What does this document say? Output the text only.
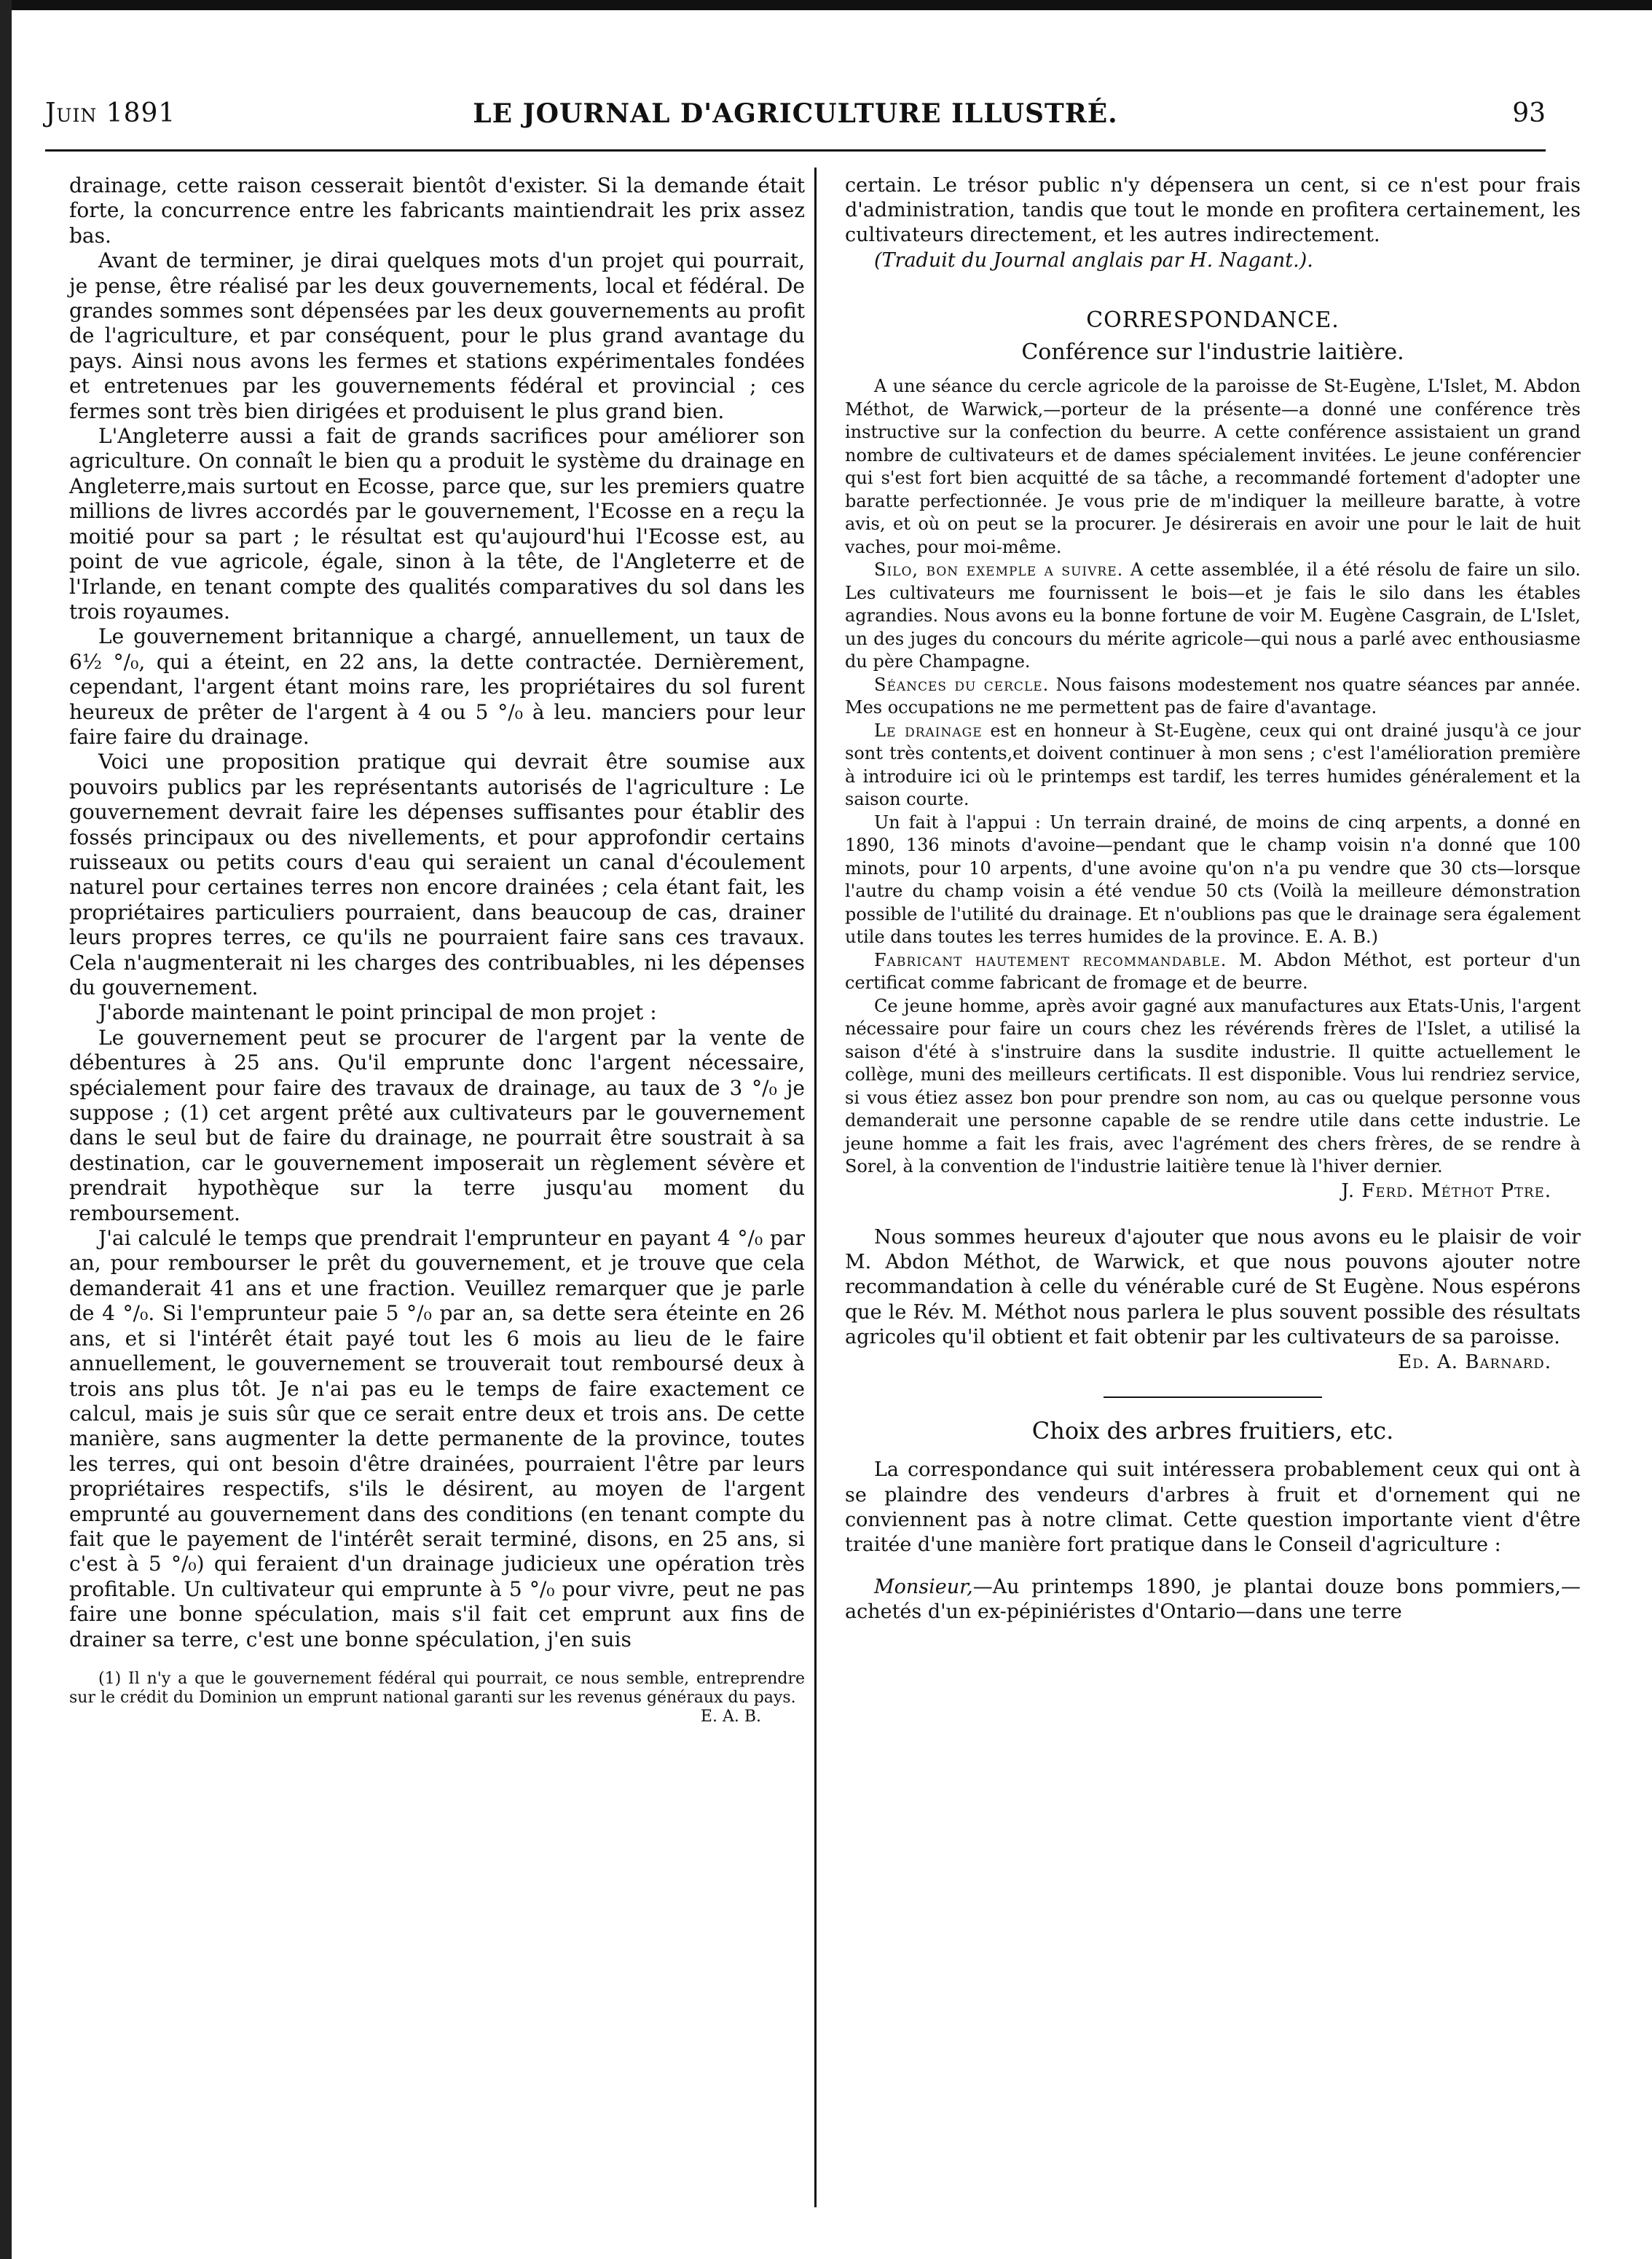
Juin 1891	LE JOURNAL D'AGRICULTURE ILLUSTRÉ.	93

drainage, cette raison cesserait bientôt d'exister. Si la demande était forte, la concurrence entre les fabricants maintiendrait les prix assez bas.

Avant de terminer, je dirai quelques mots d'un projet qui pourrait, je pense, être réalisé par les deux gouvernements, local et fédéral. De grandes sommes sont dépensées par les deux gouvernements au profit de l'agriculture, et par conséquent, pour le plus grand avantage du pays. Ainsi nous avons les fermes et stations expérimentales fondées et entretenues par les gouvernements fédéral et provincial ; ces fermes sont très bien dirigées et produisent le plus grand bien.

L'Angleterre aussi a fait de grands sacrifices pour améliorer son agriculture. On connaît le bien qu a produit le système du drainage en Angleterre,mais surtout en Ecosse, parce que, sur les premiers quatre millions de livres accordés par le gouvernement, l'Ecosse en a reçu la moitié pour sa part ; le résultat est qu'aujourd'hui l'Ecosse est, au point de vue agricole, égale, sinon à la tête, de l'Angleterre et de l'Irlande, en tenant compte des qualités comparatives du sol dans les trois royaumes.

Le gouvernement britannique a chargé, annuellement, un taux de 6½ °/₀, qui a éteint, en 22 ans, la dette contractée. Dernièrement, cependant, l'argent étant moins rare, les propriétaires du sol furent heureux de prêter de l'argent à 4 ou 5 °/₀ à leu. manciers pour leur faire faire du drainage.

Voici une proposition pratique qui devrait être soumise aux pouvoirs publics par les représentants autorisés de l'agriculture : Le gouvernement devrait faire les dépenses suffisantes pour établir des fossés principaux ou des nivellements, et pour approfondir certains ruisseaux ou petits cours d'eau qui seraient un canal d'écoulement naturel pour certaines terres non encore drainées ; cela étant fait, les propriétaires particuliers pourraient, dans beaucoup de cas, drainer leurs propres terres, ce qu'ils ne pourraient faire sans ces travaux. Cela n'augmenterait ni les charges des contribuables, ni les dépenses du gouvernement.

J'aborde maintenant le point principal de mon projet :

Le gouvernement peut se procurer de l'argent par la vente de débentures à 25 ans. Qu'il emprunte donc l'argent nécessaire, spécialement pour faire des travaux de drainage, au taux de 3 °/₀ je suppose ; (1) cet argent prêté aux cultivateurs par le gouvernement dans le seul but de faire du drainage, ne pourrait être soustrait à sa destination, car le gouvernement imposerait un règlement sévère et prendrait hypothèque sur la terre jusqu'au moment du remboursement.

J'ai calculé le temps que prendrait l'emprunteur en payant 4 °/₀ par an, pour rembourser le prêt du gouvernement, et je trouve que cela demanderait 41 ans et une fraction. Veuillez remarquer que je parle de 4 °/₀. Si l'emprunteur paie 5 °/₀ par an, sa dette sera éteinte en 26 ans, et si l'intérêt était payé tout les 6 mois au lieu de le faire annuellement, le gouvernement se trouverait tout remboursé deux à trois ans plus tôt. Je n'ai pas eu le temps de faire exactement ce calcul, mais je suis sûr que ce serait entre deux et trois ans. De cette manière, sans augmenter la dette permanente de la province, toutes les terres, qui ont besoin d'être drainées, pourraient l'être par leurs propriétaires respectifs, s'ils le désirent, au moyen de l'argent emprunté au gouvernement dans des conditions (en tenant compte du fait que le payement de l'intérêt serait terminé, disons, en 25 ans, si c'est à 5 °/₀) qui feraient d'un drainage judicieux une opération très profitable. Un cultivateur qui emprunte à 5 °/₀ pour vivre, peut ne pas faire une bonne spéculation, mais s'il fait cet emprunt aux fins de drainer sa terre, c'est une bonne spéculation, j'en suis

(1) Il n'y a que le gouvernement fédéral qui pourrait, ce nous semble, entreprendre sur le crédit du Dominion un emprunt national garanti sur les revenus généraux du pays.
E. A. B.

certain. Le trésor public n'y dépensera un cent, si ce n'est pour frais d'administration, tandis que tout le monde en profitera certainement, les cultivateurs directement, et les autres indirectement.

(Traduit du Journal anglais par H. Nagant.).

CORRESPONDANCE.

Conférence sur l'industrie laitière.

A une séance du cercle agricole de la paroisse de St-Eugène, L'Islet, M. Abdon Méthot, de Warwick,—porteur de la présente—a donné une conférence très instructive sur la confection du beurre. A cette conférence assistaient un grand nombre de cultivateurs et de dames spécialement invitées. Le jeune conférencier qui s'est fort bien acquitté de sa tâche, a recommandé fortement d'adopter une baratte perfectionnée. Je vous prie de m'indiquer la meilleure baratte, à votre avis, et où on peut se la procurer. Je désirerais en avoir une pour le lait de huit vaches, pour moi-même.

Silo, bon exemple a suivre. A cette assemblée, il a été résolu de faire un silo. Les cultivateurs me fournissent le bois—et je fais le silo dans les étables agrandies. Nous avons eu la bonne fortune de voir M. Eugène Casgrain, de L'Islet, un des juges du concours du mérite agricole—qui nous a parlé avec enthousiasme du père Champagne.

Séances du cercle. Nous faisons modestement nos quatre séances par année. Mes occupations ne me permettent pas de faire d'avantage.

Le drainage est en honneur à St-Eugène, ceux qui ont drainé jusqu'à ce jour sont très contents,et doivent continuer à mon sens ; c'est l'amélioration première à introduire ici où le printemps est tardif, les terres humides généralement et la saison courte.

Un fait à l'appui : Un terrain drainé, de moins de cinq arpents, a donné en 1890, 136 minots d'avoine—pendant que le champ voisin n'a donné que 100 minots, pour 10 arpents, d'une avoine qu'on n'a pu vendre que 30 cts—lorsque l'autre du champ voisin a été vendue 50 cts (Voilà la meilleure démonstration possible de l'utilité du drainage. Et n'oublions pas que le drainage sera également utile dans toutes les terres humides de la province. E. A. B.)

Fabricant hautement recommandable. M. Abdon Méthot, est porteur d'un certificat comme fabricant de fromage et de beurre.

Ce jeune homme, après avoir gagné aux manufactures aux Etats-Unis, l'argent nécessaire pour faire un cours chez les révérends frères de l'Islet, a utilisé la saison d'été à s'instruire dans la susdite industrie. Il quitte actuellement le collège, muni des meilleurs certificats. Il est disponible. Vous lui rendriez service, si vous étiez assez bon pour prendre son nom, au cas ou quelque personne vous demanderait une personne capable de se rendre utile dans cette industrie. Le jeune homme a fait les frais, avec l'agrément des chers frères, de se rendre à Sorel, à la convention de l'industrie laitière tenue là l'hiver dernier.

J. Ferd. Méthot Ptre.

Nous sommes heureux d'ajouter que nous avons eu le plaisir de voir M. Abdon Méthot, de Warwick, et que nous pouvons ajouter notre recommandation à celle du vénérable curé de St Eugène. Nous espérons que le Rév. M. Méthot nous parlera le plus souvent possible des résultats agricoles qu'il obtient et fait obtenir par les cultivateurs de sa paroisse.

Ed. A. Barnard.

Choix des arbres fruitiers, etc.

La correspondance qui suit intéressera probablement ceux qui ont à se plaindre des vendeurs d'arbres à fruit et d'ornement qui ne conviennent pas à notre climat. Cette question importante vient d'être traitée d'une manière fort pratique dans le Conseil d'agriculture :

Monsieur,—Au printemps 1890, je plantai douze bons pommiers,—achetés d'un ex-pépiniéristes d'Ontario—dans une terre
